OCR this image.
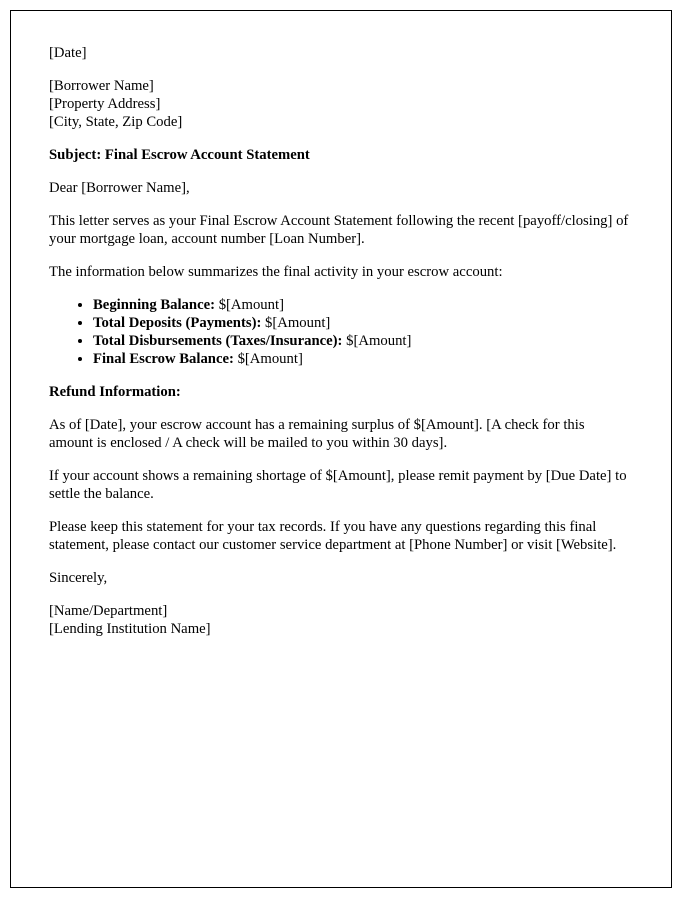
[Date]

[Borrower Name]
[Property Address]
[City, State, Zip Code]

Subject: Final Escrow Account Statement

Dear [Borrower Name],

This letter serves as your Final Escrow Account Statement following the recent [payoff/closing] of your mortgage loan, account number [Loan Number].

The information below summarizes the final activity in your escrow account:

• Beginning Balance: $[Amount]
• Total Deposits (Payments): $[Amount]
• Total Disbursements (Taxes/Insurance): $[Amount]
• Final Escrow Balance: $[Amount]

Refund Information:

As of [Date], your escrow account has a remaining surplus of $[Amount]. [A check for this amount is enclosed / A check will be mailed to you within 30 days].

If your account shows a remaining shortage of $[Amount], please remit payment by [Due Date] to settle the balance.

Please keep this statement for your tax records. If you have any questions regarding this final statement, please contact our customer service department at [Phone Number] or visit [Website].

Sincerely,

[Name/Department]
[Lending Institution Name]
